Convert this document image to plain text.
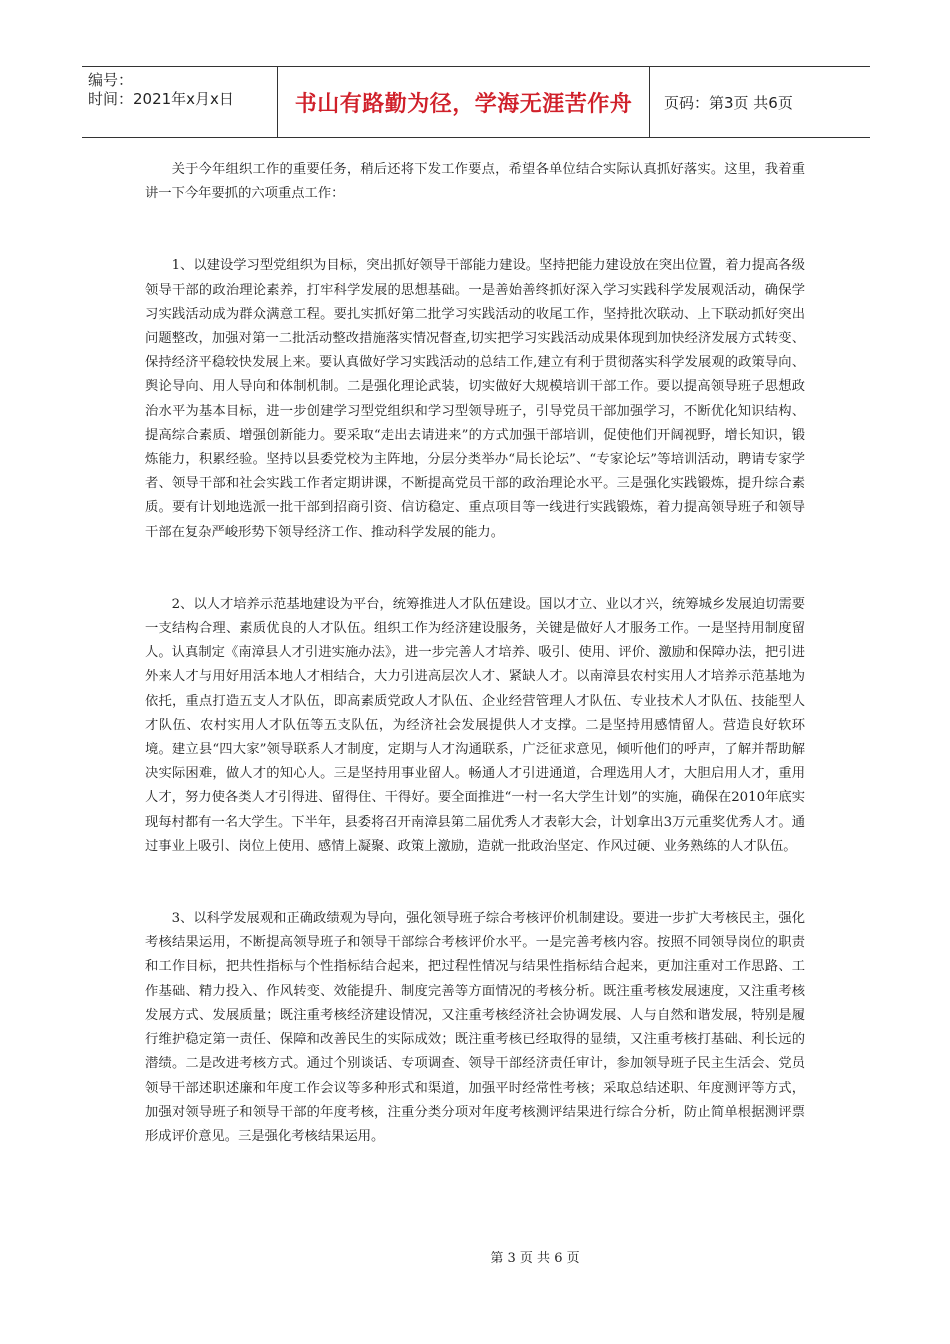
编号：
时间：2021年x月x日	书山有路勤为径，学海无涯苦作舟	页码：第3页 共6页

关于今年组织工作的重要任务，稍后还将下发工作要点，希望各单位结合实际认真抓好落实。这里，我着重讲一下今年要抓的六项重点工作：

1、以建设学习型党组织为目标，突出抓好领导干部能力建设。坚持把能力建设放在突出位置，着力提高各级领导干部的政治理论素养，打牢科学发展的思想基础。一是善始善终抓好深入学习实践科学发展观活动，确保学习实践活动成为群众满意工程。要扎实抓好第二批学习实践活动的收尾工作，坚持批次联动、上下联动抓好突出问题整改，加强对第一二批活动整改措施落实情况督查,切实把学习实践活动成果体现到加快经济发展方式转变、保持经济平稳较快发展上来。要认真做好学习实践活动的总结工作,建立有利于贯彻落实科学发展观的政策导向、舆论导向、用人导向和体制机制。二是强化理论武装，切实做好大规模培训干部工作。要以提高领导班子思想政治水平为基本目标，进一步创建学习型党组织和学习型领导班子，引导党员干部加强学习，不断优化知识结构、提高综合素质、增强创新能力。要采取“走出去请进来”的方式加强干部培训，促使他们开阔视野，增长知识，锻炼能力，积累经验。坚持以县委党校为主阵地，分层分类举办“局长论坛”、“专家论坛”等培训活动，聘请专家学者、领导干部和社会实践工作者定期讲课，不断提高党员干部的政治理论水平。三是强化实践锻炼，提升综合素质。要有计划地选派一批干部到招商引资、信访稳定、重点项目等一线进行实践锻炼，着力提高领导班子和领导干部在复杂严峻形势下领导经济工作、推动科学发展的能力。

2、以人才培养示范基地建设为平台，统筹推进人才队伍建设。国以才立、业以才兴，统筹城乡发展迫切需要一支结构合理、素质优良的人才队伍。组织工作为经济建设服务，关键是做好人才服务工作。一是坚持用制度留人。认真制定《南漳县人才引进实施办法》，进一步完善人才培养、吸引、使用、评价、激励和保障办法，把引进外来人才与用好用活本地人才相结合，大力引进高层次人才、紧缺人才。以南漳县农村实用人才培养示范基地为依托，重点打造五支人才队伍，即高素质党政人才队伍、企业经营管理人才队伍、专业技术人才队伍、技能型人才队伍、农村实用人才队伍等五支队伍，为经济社会发展提供人才支撑。二是坚持用感情留人。营造良好软环境。建立县“四大家”领导联系人才制度，定期与人才沟通联系，广泛征求意见，倾听他们的呼声，了解并帮助解决实际困难，做人才的知心人。三是坚持用事业留人。畅通人才引进通道，合理选用人才，大胆启用人才，重用人才，努力使各类人才引得进、留得住、干得好。要全面推进“一村一名大学生计划”的实施，确保在2010年底实现每村都有一名大学生。下半年，县委将召开南漳县第二届优秀人才表彰大会，计划拿出3万元重奖优秀人才。通过事业上吸引、岗位上使用、感情上凝聚、政策上激励，造就一批政治坚定、作风过硬、业务熟练的人才队伍。

3、以科学发展观和正确政绩观为导向，强化领导班子综合考核评价机制建设。要进一步扩大考核民主，强化考核结果运用，不断提高领导班子和领导干部综合考核评价水平。一是完善考核内容。按照不同领导岗位的职责和工作目标，把共性指标与个性指标结合起来，把过程性情况与结果性指标结合起来，更加注重对工作思路、工作基础、精力投入、作风转变、效能提升、制度完善等方面情况的考核分析。既注重考核发展速度，又注重考核发展方式、发展质量；既注重考核经济建设情况，又注重考核经济社会协调发展、人与自然和谐发展，特别是履行维护稳定第一责任、保障和改善民生的实际成效；既注重考核已经取得的显绩，又注重考核打基础、利长远的潜绩。二是改进考核方式。通过个别谈话、专项调查、领导干部经济责任审计，参加领导班子民主生活会、党员领导干部述职述廉和年度工作会议等多种形式和渠道，加强平时经常性考核；采取总结述职、年度测评等方式，加强对领导班子和领导干部的年度考核，注重分类分项对年度考核测评结果进行综合分析，防止简单根据测评票形成评价意见。三是强化考核结果运用。

第 3 页 共 6 页
